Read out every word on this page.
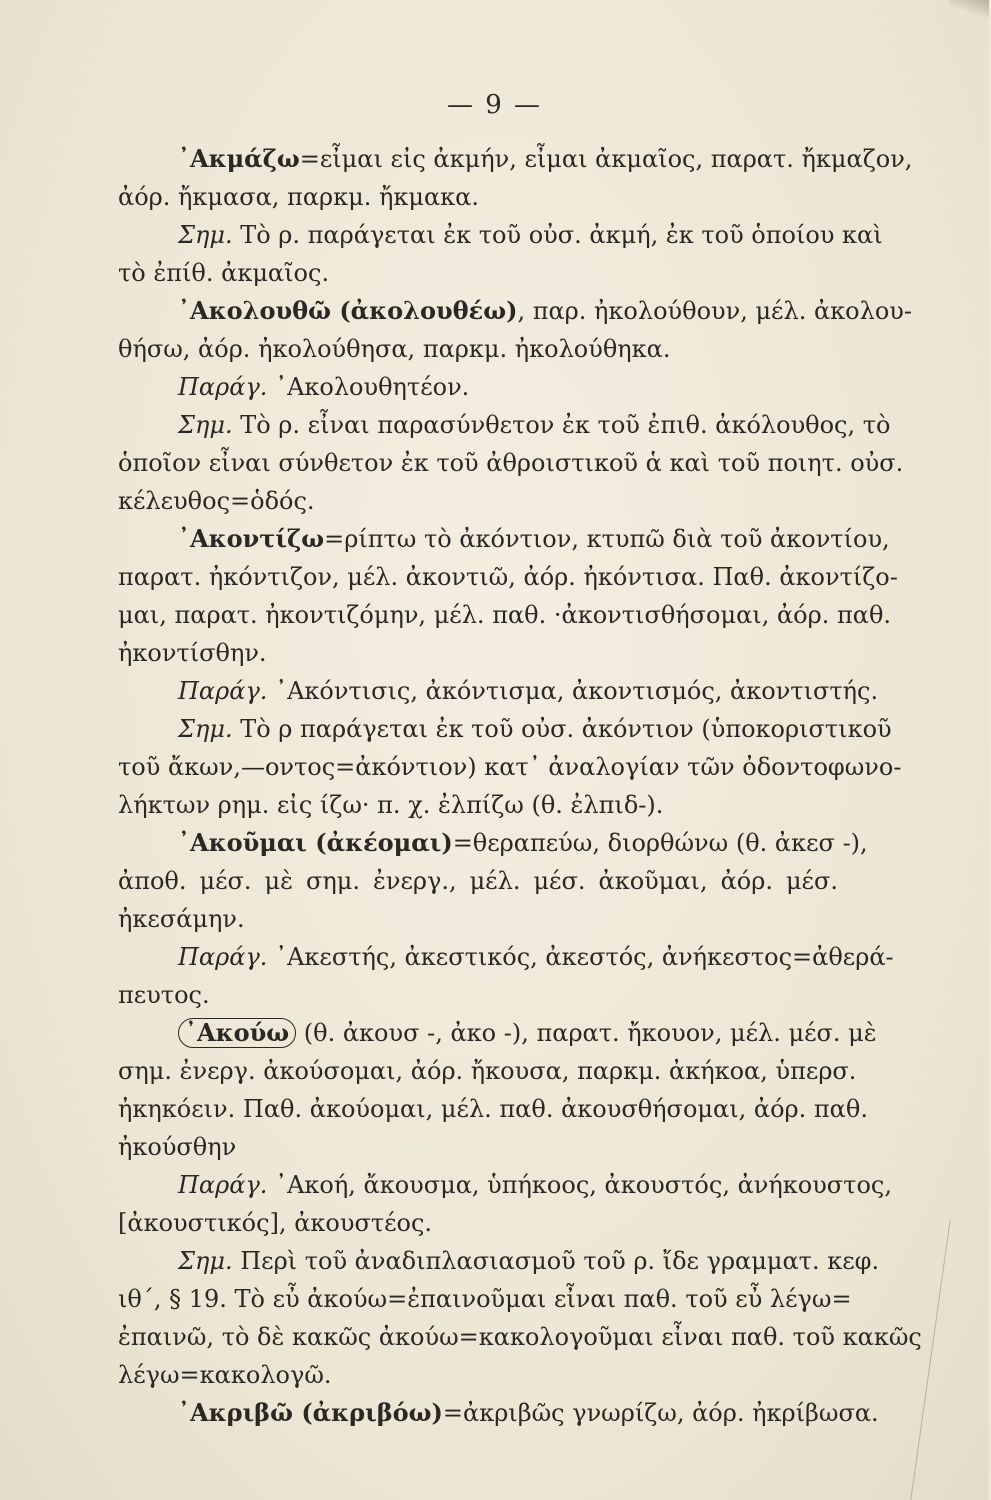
— 9 —
᾿Ακμάζω=εἶμαι εἰς ἀκμήν, εἶμαι ἀκμαῖος, παρατ. ἤκμαζον,
ἀόρ. ἤκμασα, παρκμ. ἤκμακα.
Σημ. Τὸ ρ. παράγεται ἐκ τοῦ οὐσ. ἀκμή, ἐκ τοῦ ὁποίου καὶ
τὸ ἐπίθ. ἀκμαῖος.
᾿Ακολουθῶ (ἀκολουθέω), παρ. ἠκολούθουν, μέλ. ἀκολου-
θήσω, ἀόρ. ἠκολούθησα, παρκμ. ἠκολούθηκα.
Παράγ. ᾿Ακολουθητέον.
Σημ. Τὸ ρ. εἶναι παρασύνθετον ἐκ τοῦ ἐπιθ. ἀκόλουθος, τὸ
ὁποῖον εἶναι σύνθετον ἐκ τοῦ ἀθροιστικοῦ ἁ καὶ τοῦ ποιητ. οὐσ.
κέλευθος=ὁδός.
᾿Ακοντίζω=ρίπτω τὸ ἀκόντιον, κτυπῶ διὰ τοῦ ἀκοντίου,
παρατ. ἠκόντιζον, μέλ. ἀκοντιῶ, ἀόρ. ἠκόντισα. Παθ. ἀκοντίζο-
μαι, παρατ. ἠκοντιζόμην, μέλ. παθ. ·ἀκοντισθήσομαι, ἀόρ. παθ.
ἠκοντίσθην.
Παράγ. ᾿Ακόντισις, ἀκόντισμα, ἀκοντισμός, ἀκοντιστής.
Σημ. Τὸ ρ παράγεται ἐκ τοῦ οὐσ. ἀκόντιον (ὑποκοριστικοῦ
τοῦ ἄκων,—οντος=ἀκόντιον) κατ᾿ ἀναλογίαν τῶν ὀδοντοφωνο-
λήκτων ρημ. εἰς ίζω· π. χ. ἐλπίζω (θ. ἐλπιδ-).
᾿Ακοῦμαι (ἀκέομαι)=θεραπεύω, διορθώνω (θ. ἀκεσ -),
ἀποθ. μέσ. μὲ σημ. ἐνεργ., μέλ. μέσ. ἀκοῦμαι, ἀόρ. μέσ.
ἠκεσάμην.
Παράγ. ᾿Ακεστής, ἀκεστικός, ἀκεστός, ἀνήκεστος=ἀθερά-
πευτος.
᾿Ακούω (θ. ἀκουσ -, ἀκο -), παρατ. ἤκουον, μέλ. μέσ. μὲ
σημ. ἐνεργ. ἀκούσομαι, ἀόρ. ἤκουσα, παρκμ. ἀκήκοα, ὑπερσ.
ἠκηκόειν. Παθ. ἀκούομαι, μέλ. παθ. ἀκουσθήσομαι, ἀόρ. παθ.
ἠκούσθην
Παράγ. ᾿Ακοή, ἄκουσμα, ὑπήκοος, ἀκουστός, ἀνήκουστος,
[ἀκουστικός], ἀκουστέος.
Σημ. Περὶ τοῦ ἀναδιπλασιασμοῦ τοῦ ρ. ἴδε γραμματ. κεφ.
ιθ΄, § 19. Τὸ εὖ ἀκούω=ἐπαινοῦμαι εἶναι παθ. τοῦ εὖ λέγω=
ἐπαινῶ, τὸ δὲ κακῶς ἀκούω=κακολογοῦμαι εἶναι παθ. τοῦ κακῶς
λέγω=κακολογῶ.
᾿Ακριβῶ (ἀκριβόω)=ἀκριβῶς γνωρίζω, ἀόρ. ἠκρίβωσα.
